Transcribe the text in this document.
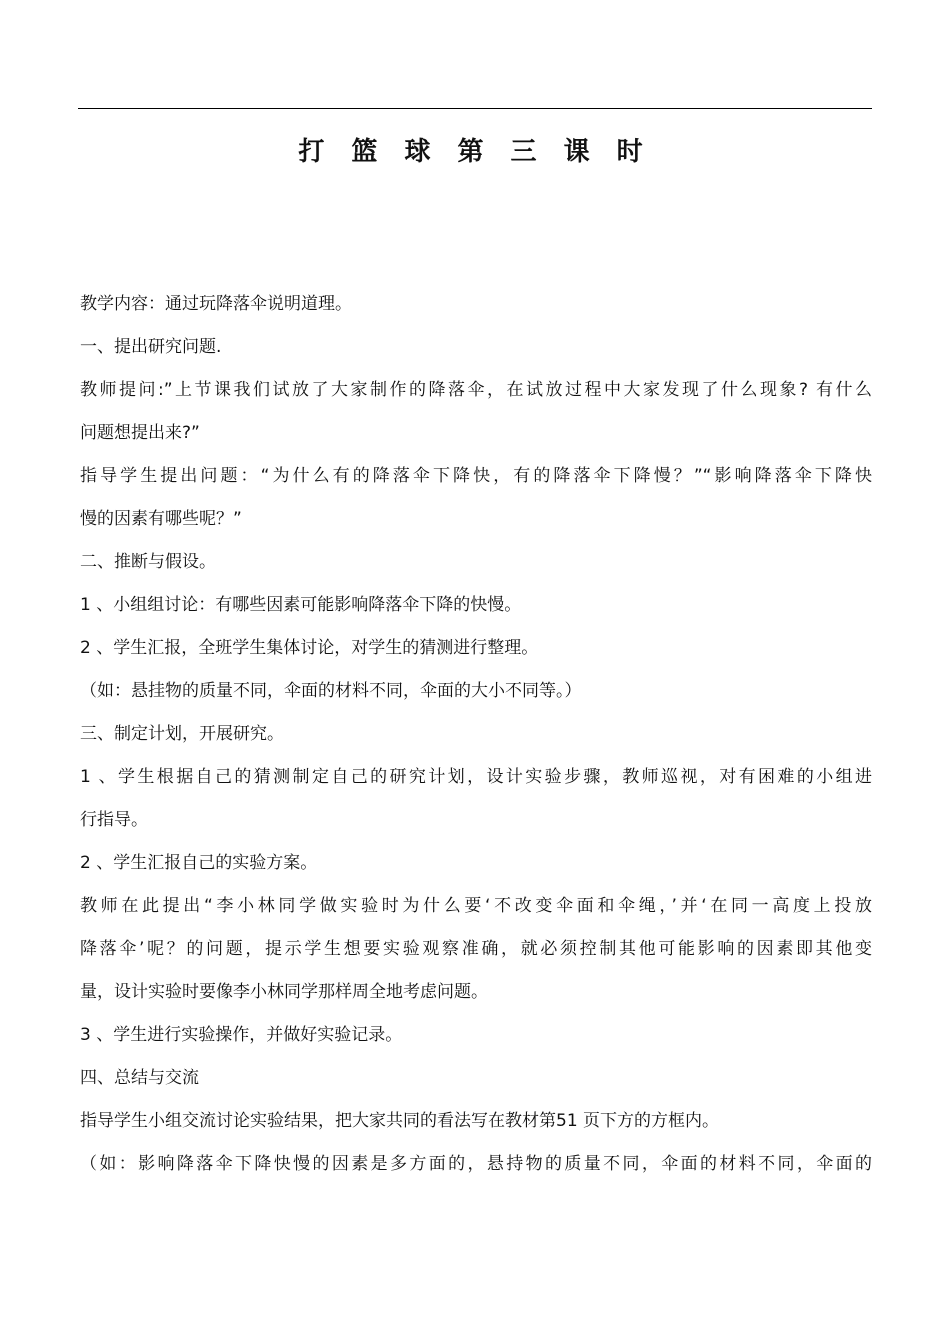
打 篮 球 第 三 课 时
教学内容：通过玩降落伞说明道理。
一、提出研究问题.
教师提问:”上节课我们试放了大家制作的降落伞，在试放过程中大家发现了什么现象? 有什么
问题想提出来?”
指导学生提出问题：“为什么有的降落伞下降快，有的降落伞下降慢？”“影响降落伞下降快
慢的因素有哪些呢？”
二、推断与假设。
1 、小组组讨论：有哪些因素可能影响降落伞下降的快慢。
2 、学生汇报，全班学生集体讨论，对学生的猜测进行整理。
（如：悬挂物的质量不同，伞面的材料不同，伞面的大小不同等。）
三、制定计划，开展研究。
1 、学生根据自己的猜测制定自己的研究计划，设计实验步骤，教师巡视，对有困难的小组进
行指导。
2 、学生汇报自己的实验方案。
教师在此提出“李小林同学做实验时为什么要‘不改变伞面和伞绳，’并‘在同一高度上投放
降落伞’呢？的问题，提示学生想要实验观察准确，就必须控制其他可能影响的因素即其他变
量，设计实验时要像李小林同学那样周全地考虑问题。
3 、学生进行实验操作，并做好实验记录。
四、总结与交流
指导学生小组交流讨论实验结果，把大家共同的看法写在教材第51 页下方的方框内。
（如：影响降落伞下降快慢的因素是多方面的，悬持物的质量不同，伞面的材料不同，伞面的
